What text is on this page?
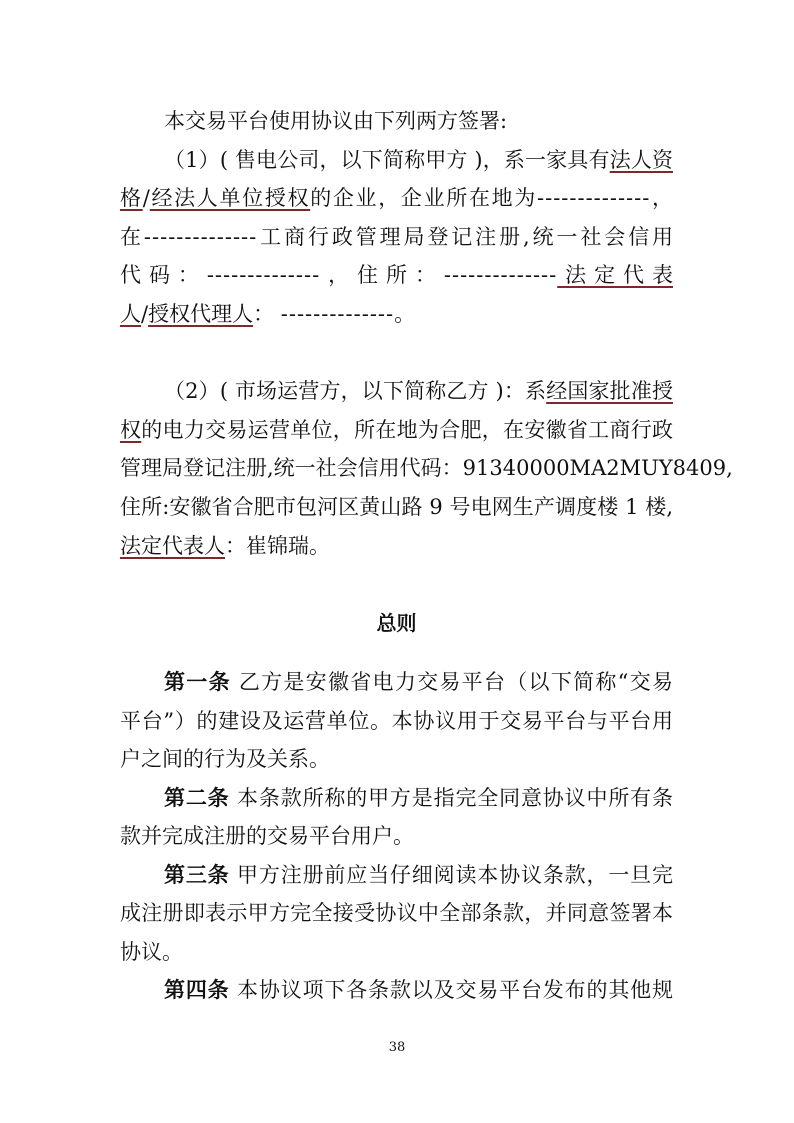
本交易平台使用协议由下列两方签署:
（1）( 售电公司，以下简称甲方 )，系一家具有法人资
格/经法人单位授权的企业，企业所在地为--------------，
在--------------工商行政管理局登记注册,统一社会信用
代码：--------------，住所：--------------法定代表
人/授权代理人： --------------。
（2）( 市场运营方，以下简称乙方 )：系经国家批准授
权的电力交易运营单位，所在地为合肥，在安徽省工商行政
管理局登记注册,统一社会信用代码：91340000MA2MUY8409,
住所:安徽省合肥市包河区黄山路 9 号电网生产调度楼 1 楼,
法定代表人：崔锦瑞。
总则
第一条 乙方是安徽省电力交易平台（以下简称“交易
平台”）的建设及运营单位。本协议用于交易平台与平台用
户之间的行为及关系。
第二条 本条款所称的甲方是指完全同意协议中所有条
款并完成注册的交易平台用户。
第三条 甲方注册前应当仔细阅读本协议条款，一旦完
成注册即表示甲方完全接受协议中全部条款，并同意签署本
协议。
第四条 本协议项下各条款以及交易平台发布的其他规
38
